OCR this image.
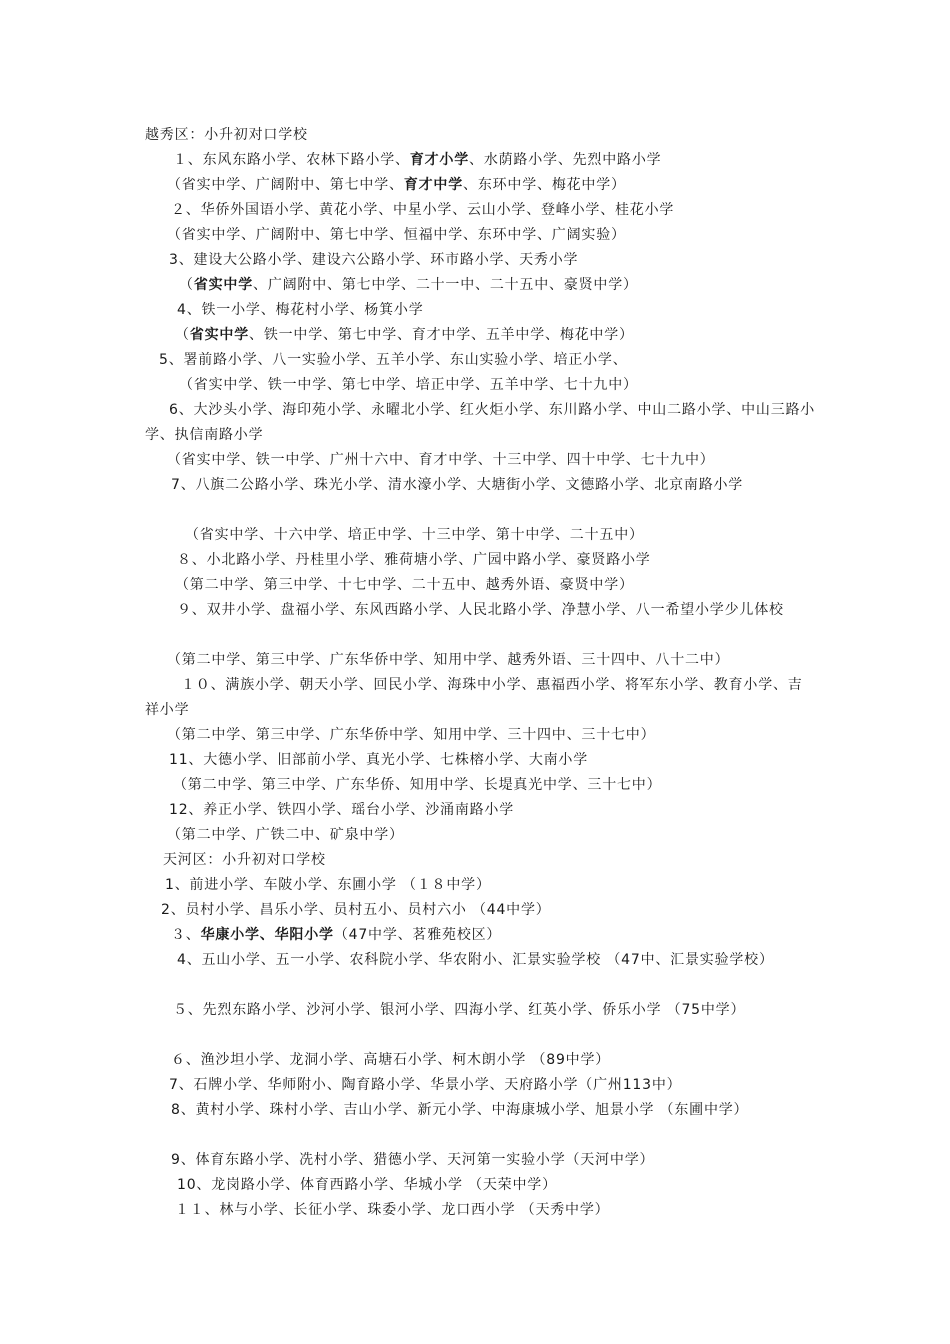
越秀区：小升初对口学校
１、东风东路小学、农林下路小学、育才小学、水荫路小学、先烈中路小学
（省实中学、广阔附中、第七中学、育才中学、东环中学、梅花中学）
２、华侨外国语小学、黄花小学、中星小学、云山小学、登峰小学、桂花小学
（省实中学、广阔附中、第七中学、恒福中学、东环中学、广阔实验）
3、建设大公路小学、建设六公路小学、环市路小学、天秀小学
（省实中学、广阔附中、第七中学、二十一中、二十五中、豪贤中学）
4、铁一小学、梅花村小学、杨箕小学
（省实中学、铁一中学、第七中学、育才中学、五羊中学、梅花中学）
5、署前路小学、八一实验小学、五羊小学、东山实验小学、培正小学、
（省实中学、铁一中学、第七中学、培正中学、五羊中学、七十九中）
6、大沙头小学、海印苑小学、永曜北小学、红火炬小学、东川路小学、中山二路小学、中山三路小学、执信南路小学
（省实中学、铁一中学、广州十六中、育才中学、十三中学、四十中学、七十九中）
7、八旗二公路小学、珠光小学、清水濠小学、大塘街小学、文德路小学、北京南路小学
（省实中学、十六中学、培正中学、十三中学、第十中学、二十五中）
８、小北路小学、丹桂里小学、雅荷塘小学、广园中路小学、豪贤路小学
（第二中学、第三中学、十七中学、二十五中、越秀外语、豪贤中学）
９、双井小学、盘福小学、东风西路小学、人民北路小学、净慧小学、八一希望小学少儿体校
（第二中学、第三中学、广东华侨中学、知用中学、越秀外语、三十四中、八十二中）
１０、满族小学、朝天小学、回民小学、海珠中小学、惠福西小学、将军东小学、教育小学、吉祥小学
（第二中学、第三中学、广东华侨中学、知用中学、三十四中、三十七中）
11、大德小学、旧部前小学、真光小学、七株榕小学、大南小学
（第二中学、第三中学、广东华侨、知用中学、长堤真光中学、三十七中）
12、养正小学、铁四小学、瑶台小学、沙涌南路小学
（第二中学、广铁二中、矿泉中学）
天河区：小升初对口学校
1、前进小学、车陂小学、东圃小学 （１８中学）
2、员村小学、昌乐小学、员村五小、员村六小 （44中学）
３、华康小学、华阳小学（47中学、茗雅苑校区）
4、五山小学、五一小学、农科院小学、华农附小、汇景实验学校 （47中、汇景实验学校）
５、先烈东路小学、沙河小学、银河小学、四海小学、红英小学、侨乐小学 （75中学）
６、渔沙坦小学、龙洞小学、高塘石小学、柯木朗小学 （89中学）
7、石牌小学、华师附小、陶育路小学、华景小学、天府路小学（广州113中）
8、黄村小学、珠村小学、吉山小学、新元小学、中海康城小学、旭景小学 （东圃中学）
9、体育东路小学、冼村小学、猎德小学、天河第一实验小学（天河中学）
10、龙岗路小学、体育西路小学、华城小学 （天荣中学）
１１、林与小学、长征小学、珠委小学、龙口西小学 （天秀中学）
